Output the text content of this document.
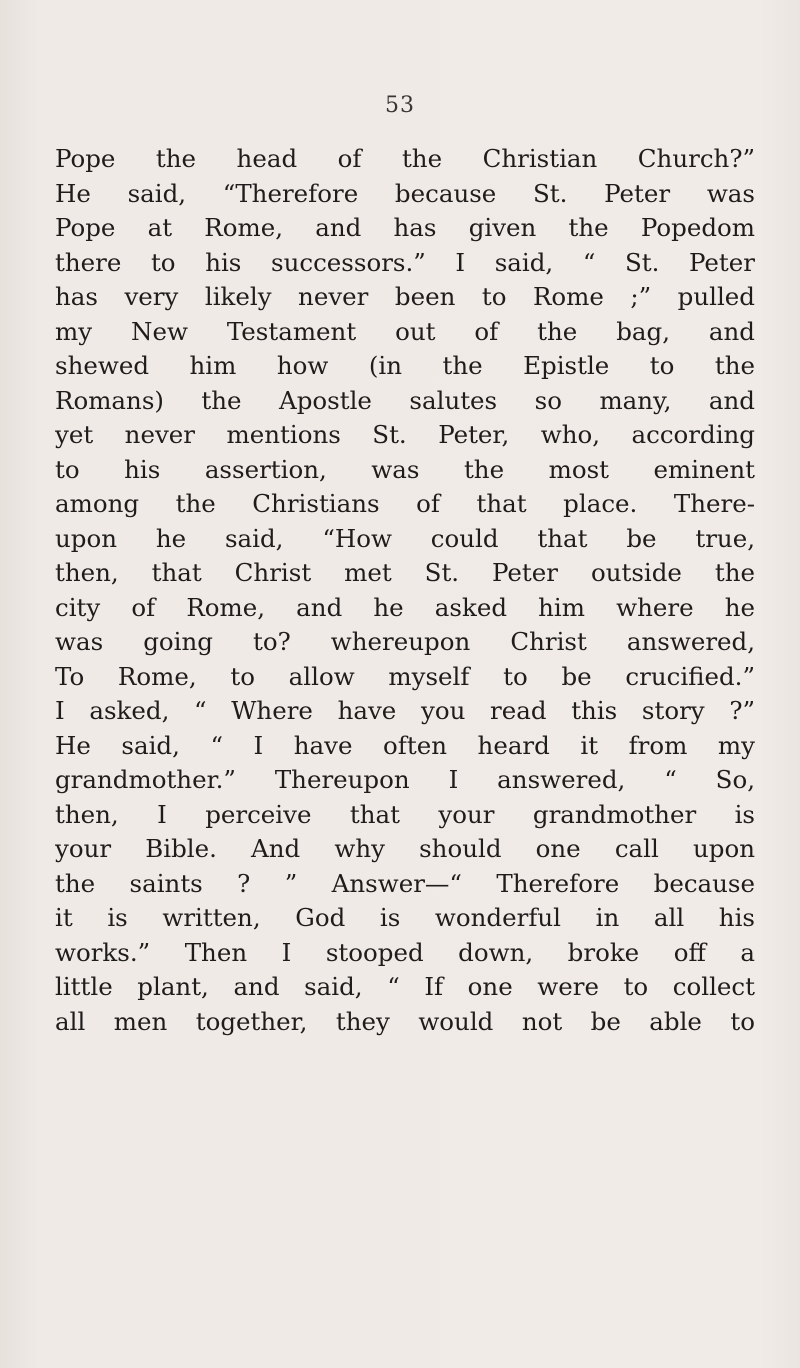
53
Pope the head of the Christian Church?”
He said, “Therefore because St. Peter was
Pope at Rome, and has given the Popedom
there to his successors.” I said, “ St. Peter
has very likely never been to Rome ;” pulled
my New Testament out of the bag, and
shewed him how (in the Epistle to the
Romans) the Apostle salutes so many, and
yet never mentions St. Peter, who, according
to his assertion, was the most eminent
among the Christians of that place. There-
upon he said, “How could that be true,
then, that Christ met St. Peter outside the
city of Rome, and he asked him where he
was going to? whereupon Christ answered,
To Rome, to allow myself to be crucified.”
I asked, “ Where have you read this story ?”
He said, “ I have often heard it from my
grandmother.” Thereupon I answered, “ So,
then, I perceive that your grandmother is
your Bible. And why should one call upon
the saints ? ” Answer—“ Therefore because
it is written, God is wonderful in all his
works.” Then I stooped down, broke off a
little plant, and said, “ If one were to collect
all men together, they would not be able to
